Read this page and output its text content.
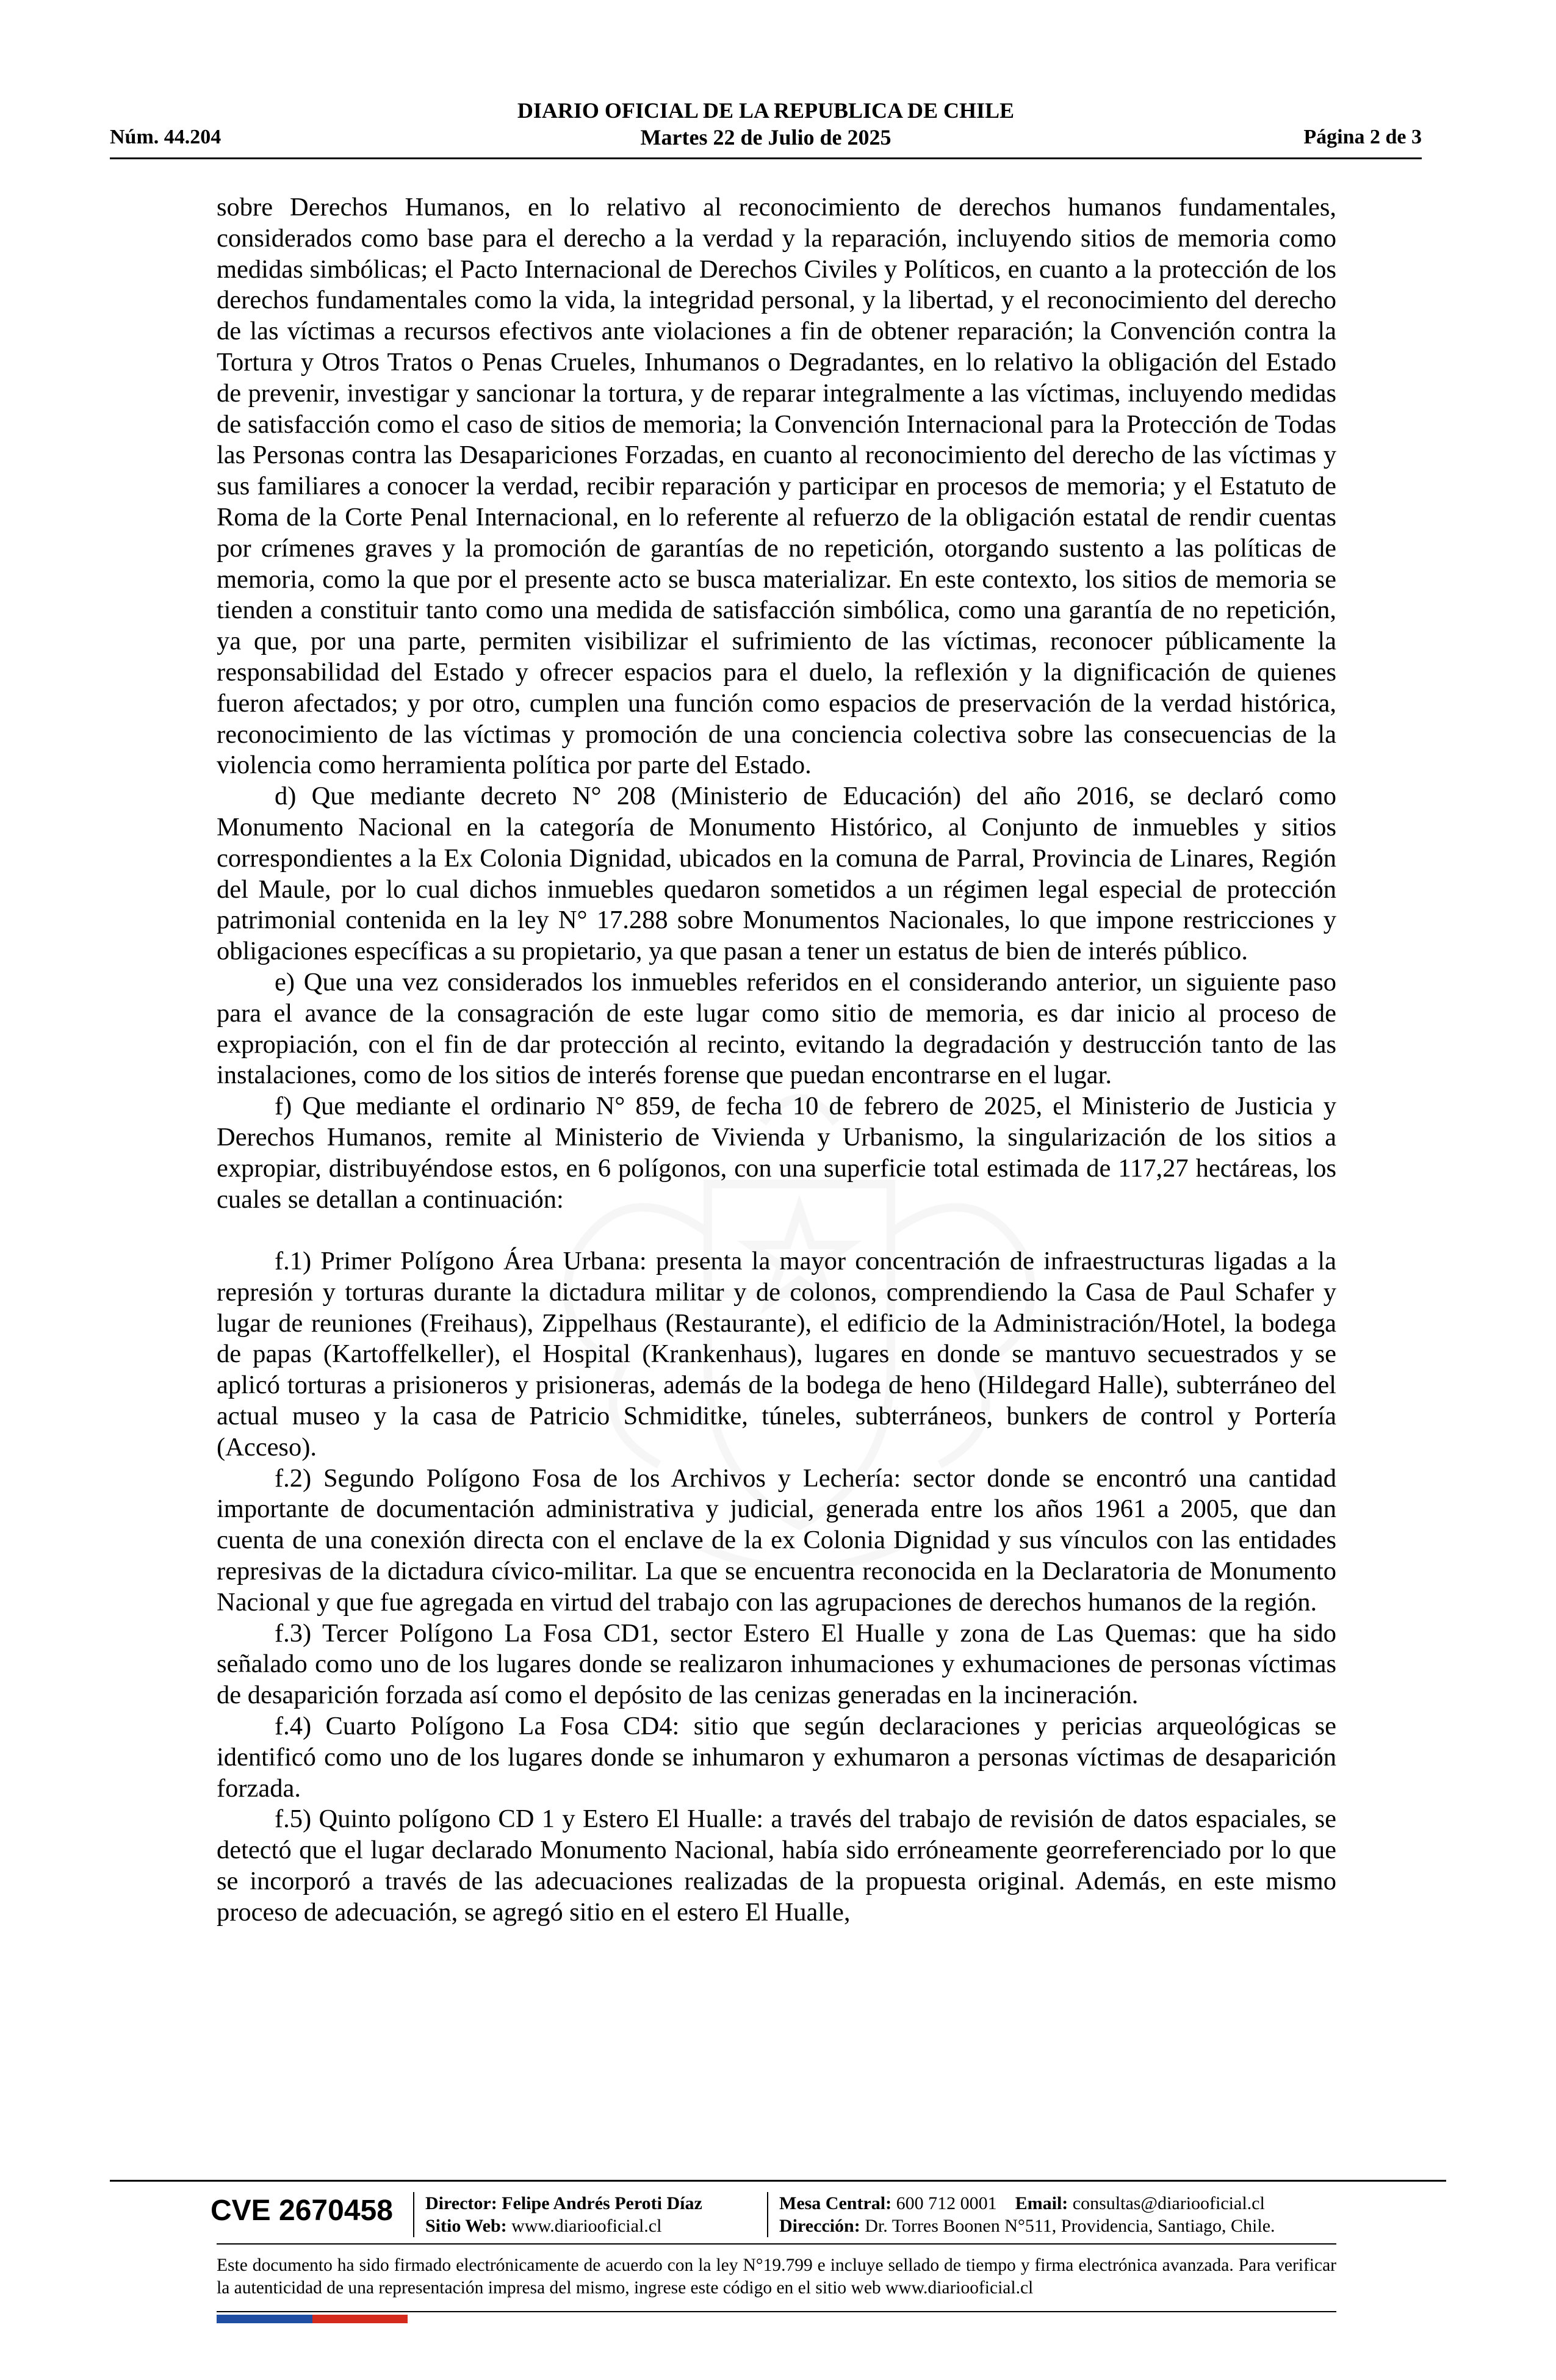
DIARIO OFICIAL DE LA REPUBLICA DE CHILE
Núm. 44.204	Martes 22 de Julio de 2025	Página 2 de 3

sobre Derechos Humanos, en lo relativo al reconocimiento de derechos humanos fundamentales, considerados como base para el derecho a la verdad y la reparación, incluyendo sitios de memoria como medidas simbólicas; el Pacto Internacional de Derechos Civiles y Políticos, en cuanto a la protección de los derechos fundamentales como la vida, la integridad personal, y la libertad, y el reconocimiento del derecho de las víctimas a recursos efectivos ante violaciones a fin de obtener reparación; la Convención contra la Tortura y Otros Tratos o Penas Crueles, Inhumanos o Degradantes, en lo relativo la obligación del Estado de prevenir, investigar y sancionar la tortura, y de reparar integralmente a las víctimas, incluyendo medidas de satisfacción como el caso de sitios de memoria; la Convención Internacional para la Protección de Todas las Personas contra las Desapariciones Forzadas, en cuanto al reconocimiento del derecho de las víctimas y sus familiares a conocer la verdad, recibir reparación y participar en procesos de memoria; y el Estatuto de Roma de la Corte Penal Internacional, en lo referente al refuerzo de la obligación estatal de rendir cuentas por crímenes graves y la promoción de garantías de no repetición, otorgando sustento a las políticas de memoria, como la que por el presente acto se busca materializar. En este contexto, los sitios de memoria se tienden a constituir tanto como una medida de satisfacción simbólica, como una garantía de no repetición, ya que, por una parte, permiten visibilizar el sufrimiento de las víctimas, reconocer públicamente la responsabilidad del Estado y ofrecer espacios para el duelo, la reflexión y la dignificación de quienes fueron afectados; y por otro, cumplen una función como espacios de preservación de la verdad histórica, reconocimiento de las víctimas y promoción de una conciencia colectiva sobre las consecuencias de la violencia como herramienta política por parte del Estado.

d) Que mediante decreto N° 208 (Ministerio de Educación) del año 2016, se declaró como Monumento Nacional en la categoría de Monumento Histórico, al Conjunto de inmuebles y sitios correspondientes a la Ex Colonia Dignidad, ubicados en la comuna de Parral, Provincia de Linares, Región del Maule, por lo cual dichos inmuebles quedaron sometidos a un régimen legal especial de protección patrimonial contenida en la ley N° 17.288 sobre Monumentos Nacionales, lo que impone restricciones y obligaciones específicas a su propietario, ya que pasan a tener un estatus de bien de interés público.

e) Que una vez considerados los inmuebles referidos en el considerando anterior, un siguiente paso para el avance de la consagración de este lugar como sitio de memoria, es dar inicio al proceso de expropiación, con el fin de dar protección al recinto, evitando la degradación y destrucción tanto de las instalaciones, como de los sitios de interés forense que puedan encontrarse en el lugar.

f) Que mediante el ordinario N° 859, de fecha 10 de febrero de 2025, el Ministerio de Justicia y Derechos Humanos, remite al Ministerio de Vivienda y Urbanismo, la singularización de los sitios a expropiar, distribuyéndose estos, en 6 polígonos, con una superficie total estimada de 117,27 hectáreas, los cuales se detallan a continuación:

f.1) Primer Polígono Área Urbana: presenta la mayor concentración de infraestructuras ligadas a la represión y torturas durante la dictadura militar y de colonos, comprendiendo la Casa de Paul Schafer y lugar de reuniones (Freihaus), Zippelhaus (Restaurante), el edificio de la Administración/Hotel, la bodega de papas (Kartoffelkeller), el Hospital (Krankenhaus), lugares en donde se mantuvo secuestrados y se aplicó torturas a prisioneros y prisioneras, además de la bodega de heno (Hildegard Halle), subterráneo del actual museo y la casa de Patricio Schmiditke, túneles, subterráneos, bunkers de control y Portería (Acceso).

f.2) Segundo Polígono Fosa de los Archivos y Lechería: sector donde se encontró una cantidad importante de documentación administrativa y judicial, generada entre los años 1961 a 2005, que dan cuenta de una conexión directa con el enclave de la ex Colonia Dignidad y sus vínculos con las entidades represivas de la dictadura cívico-militar. La que se encuentra reconocida en la Declaratoria de Monumento Nacional y que fue agregada en virtud del trabajo con las agrupaciones de derechos humanos de la región.

f.3) Tercer Polígono La Fosa CD1, sector Estero El Hualle y zona de Las Quemas: que ha sido señalado como uno de los lugares donde se realizaron inhumaciones y exhumaciones de personas víctimas de desaparición forzada así como el depósito de las cenizas generadas en la incineración.

f.4) Cuarto Polígono La Fosa CD4: sitio que según declaraciones y pericias arqueológicas se identificó como uno de los lugares donde se inhumaron y exhumaron a personas víctimas de desaparición forzada.

f.5) Quinto polígono CD 1 y Estero El Hualle: a través del trabajo de revisión de datos espaciales, se detectó que el lugar declarado Monumento Nacional, había sido erróneamente georreferenciado por lo que se incorporó a través de las adecuaciones realizadas de la propuesta original. Además, en este mismo proceso de adecuación, se agregó sitio en el estero El Hualle,

CVE 2670458 Director: Felipe Andrés Peroti Díaz
Sitio Web: www.diariooficial.cl
Mesa Central: 600 712 0001 Email: consultas@diariooficial.cl
Dirección: Dr. Torres Boonen N°511, Providencia, Santiago, Chile.
Este documento ha sido firmado electrónicamente de acuerdo con la ley N°19.799 e incluye sellado de tiempo y firma electrónica avanzada. Para verificar la autenticidad de una representación impresa del mismo, ingrese este código en el sitio web www.diariooficial.cl
